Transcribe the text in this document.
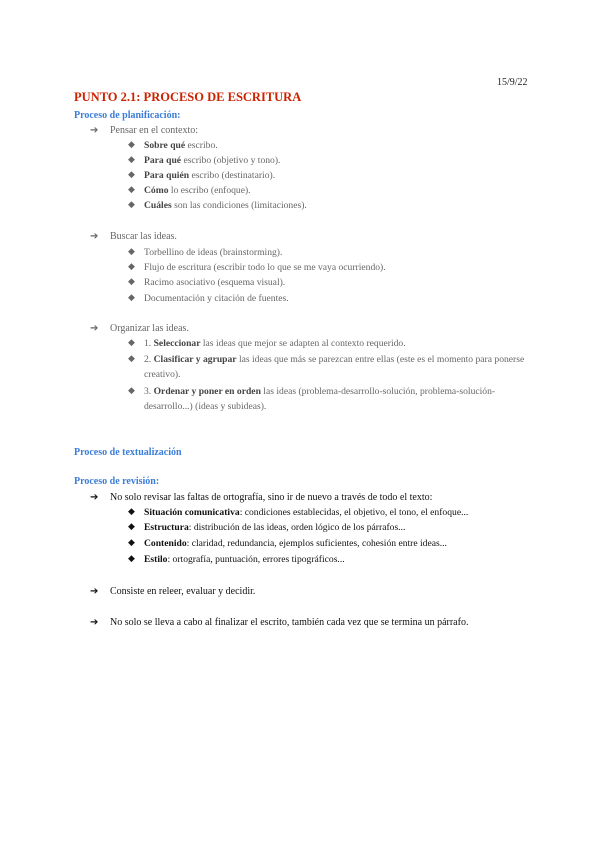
15/9/22
PUNTO 2.1: PROCESO DE ESCRITURA
Proceso de planificación:
➔	Pensar en el contexto:
◆ Sobre qué escribo.
◆ Para qué escribo (objetivo y tono).
◆ Para quién escribo (destinatario).
◆ Cómo lo escribo (enfoque).
◆ Cuáles son las condiciones (limitaciones).
➔	Buscar las ideas.
◆ Torbellino de ideas (brainstorming).
◆ Flujo de escritura (escribir todo lo que se me vaya ocurriendo).
◆ Racimo asociativo (esquema visual).
◆ Documentación y citación de fuentes.
➔	Organizar las ideas.
◆ 1. Seleccionar las ideas que mejor se adapten al contexto requerido.
◆ 2. Clasificar y agrupar las ideas que más se parezcan entre ellas (este es el momento para ponerse creativo).
◆ 3. Ordenar y poner en orden las ideas (problema-desarrollo-solución, problema-solución-desarrollo...) (ideas y subideas).
Proceso de textualización
Proceso de revisión:
➔	No solo revisar las faltas de ortografía, sino ir de nuevo a través de todo el texto:
◆ Situación comunicativa: condiciones establecidas, el objetivo, el tono, el enfoque...
◆ Estructura: distribución de las ideas, orden lógico de los párrafos...
◆ Contenido: claridad, redundancia, ejemplos suficientes, cohesión entre ideas...
◆ Estilo: ortografía, puntuación, errores tipográficos...
➔	Consiste en releer, evaluar y decidir.
➔	No solo se lleva a cabo al finalizar el escrito, también cada vez que se termina un párrafo.
